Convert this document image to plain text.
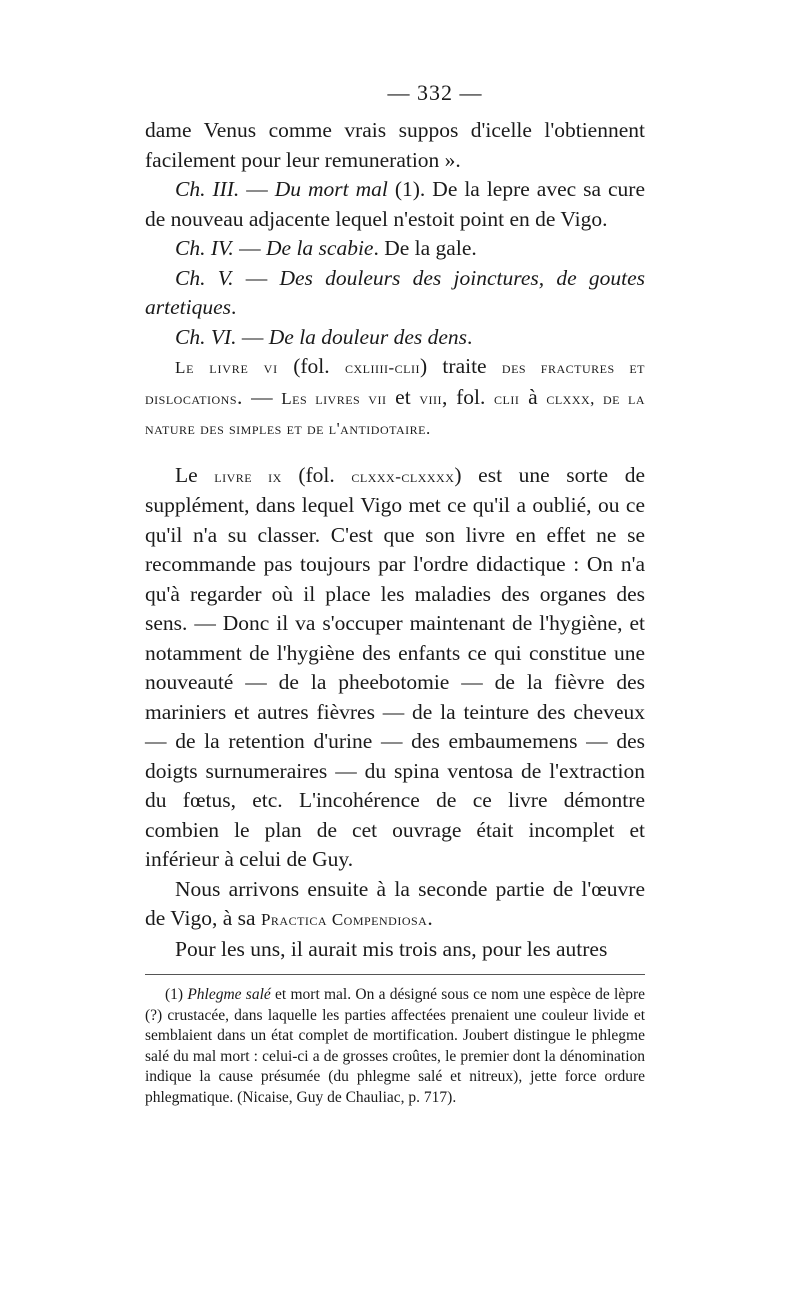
— 332 —

dame Venus comme vrais suppos d'icelle l'obtiennent facilement pour leur remuneration ».

Ch. III. — Du mort mal (1). De la lepre avec sa cure de nouveau adjacente lequel n'estoit point en de Vigo.

Ch. IV. — De la scabie. De la gale.

Ch. V. — Des douleurs des joinctures, de goutes artetiques.

Ch. VI. — De la douleur des dens.

Le livre vi (fol. cxliiii-clii) traite des fractures et dislocations. — Les livres vii et viii, fol. clii à clxxx, de la nature des simples et de l'antidotaire.

Le livre ix (fol. clxxx-clxxxx) est une sorte de supplément, dans lequel Vigo met ce qu'il a oublié, ou ce qu'il n'a su classer. C'est que son livre en effet ne se recommande pas toujours par l'ordre didactique : On n'a qu'à regarder où il place les maladies des organes des sens. — Donc il va s'occuper maintenant de l'hygiène, et notamment de l'hygiène des enfants ce qui constitue une nouveauté — de la pheebotomie — de la fièvre des mariniers et autres fièvres — de la teinture des cheveux — de la retention d'urine — des embaumemens — des doigts surnumeraires — du spina ventosa de l'extraction du fœtus, etc. L'incohérence de ce livre démontre combien le plan de cet ouvrage était incomplet et inférieur à celui de Guy.

Nous arrivons ensuite à la seconde partie de l'œuvre de Vigo, à sa Practica Compendiosa.

Pour les uns, il aurait mis trois ans, pour les autres

(1) Phlegme salé et mort mal. On a désigné sous ce nom une espèce de lèpre (?) crustacée, dans laquelle les parties affectées prenaient une couleur livide et semblaient dans un état complet de mortification. Joubert distingue le phlegme salé du mal mort : celui-ci a de grosses croûtes, le premier dont la dénomination indique la cause présumée (du phlegme salé et nitreux), jette force ordure phlegmatique. (Nicaise, Guy de Chauliac, p. 717).
